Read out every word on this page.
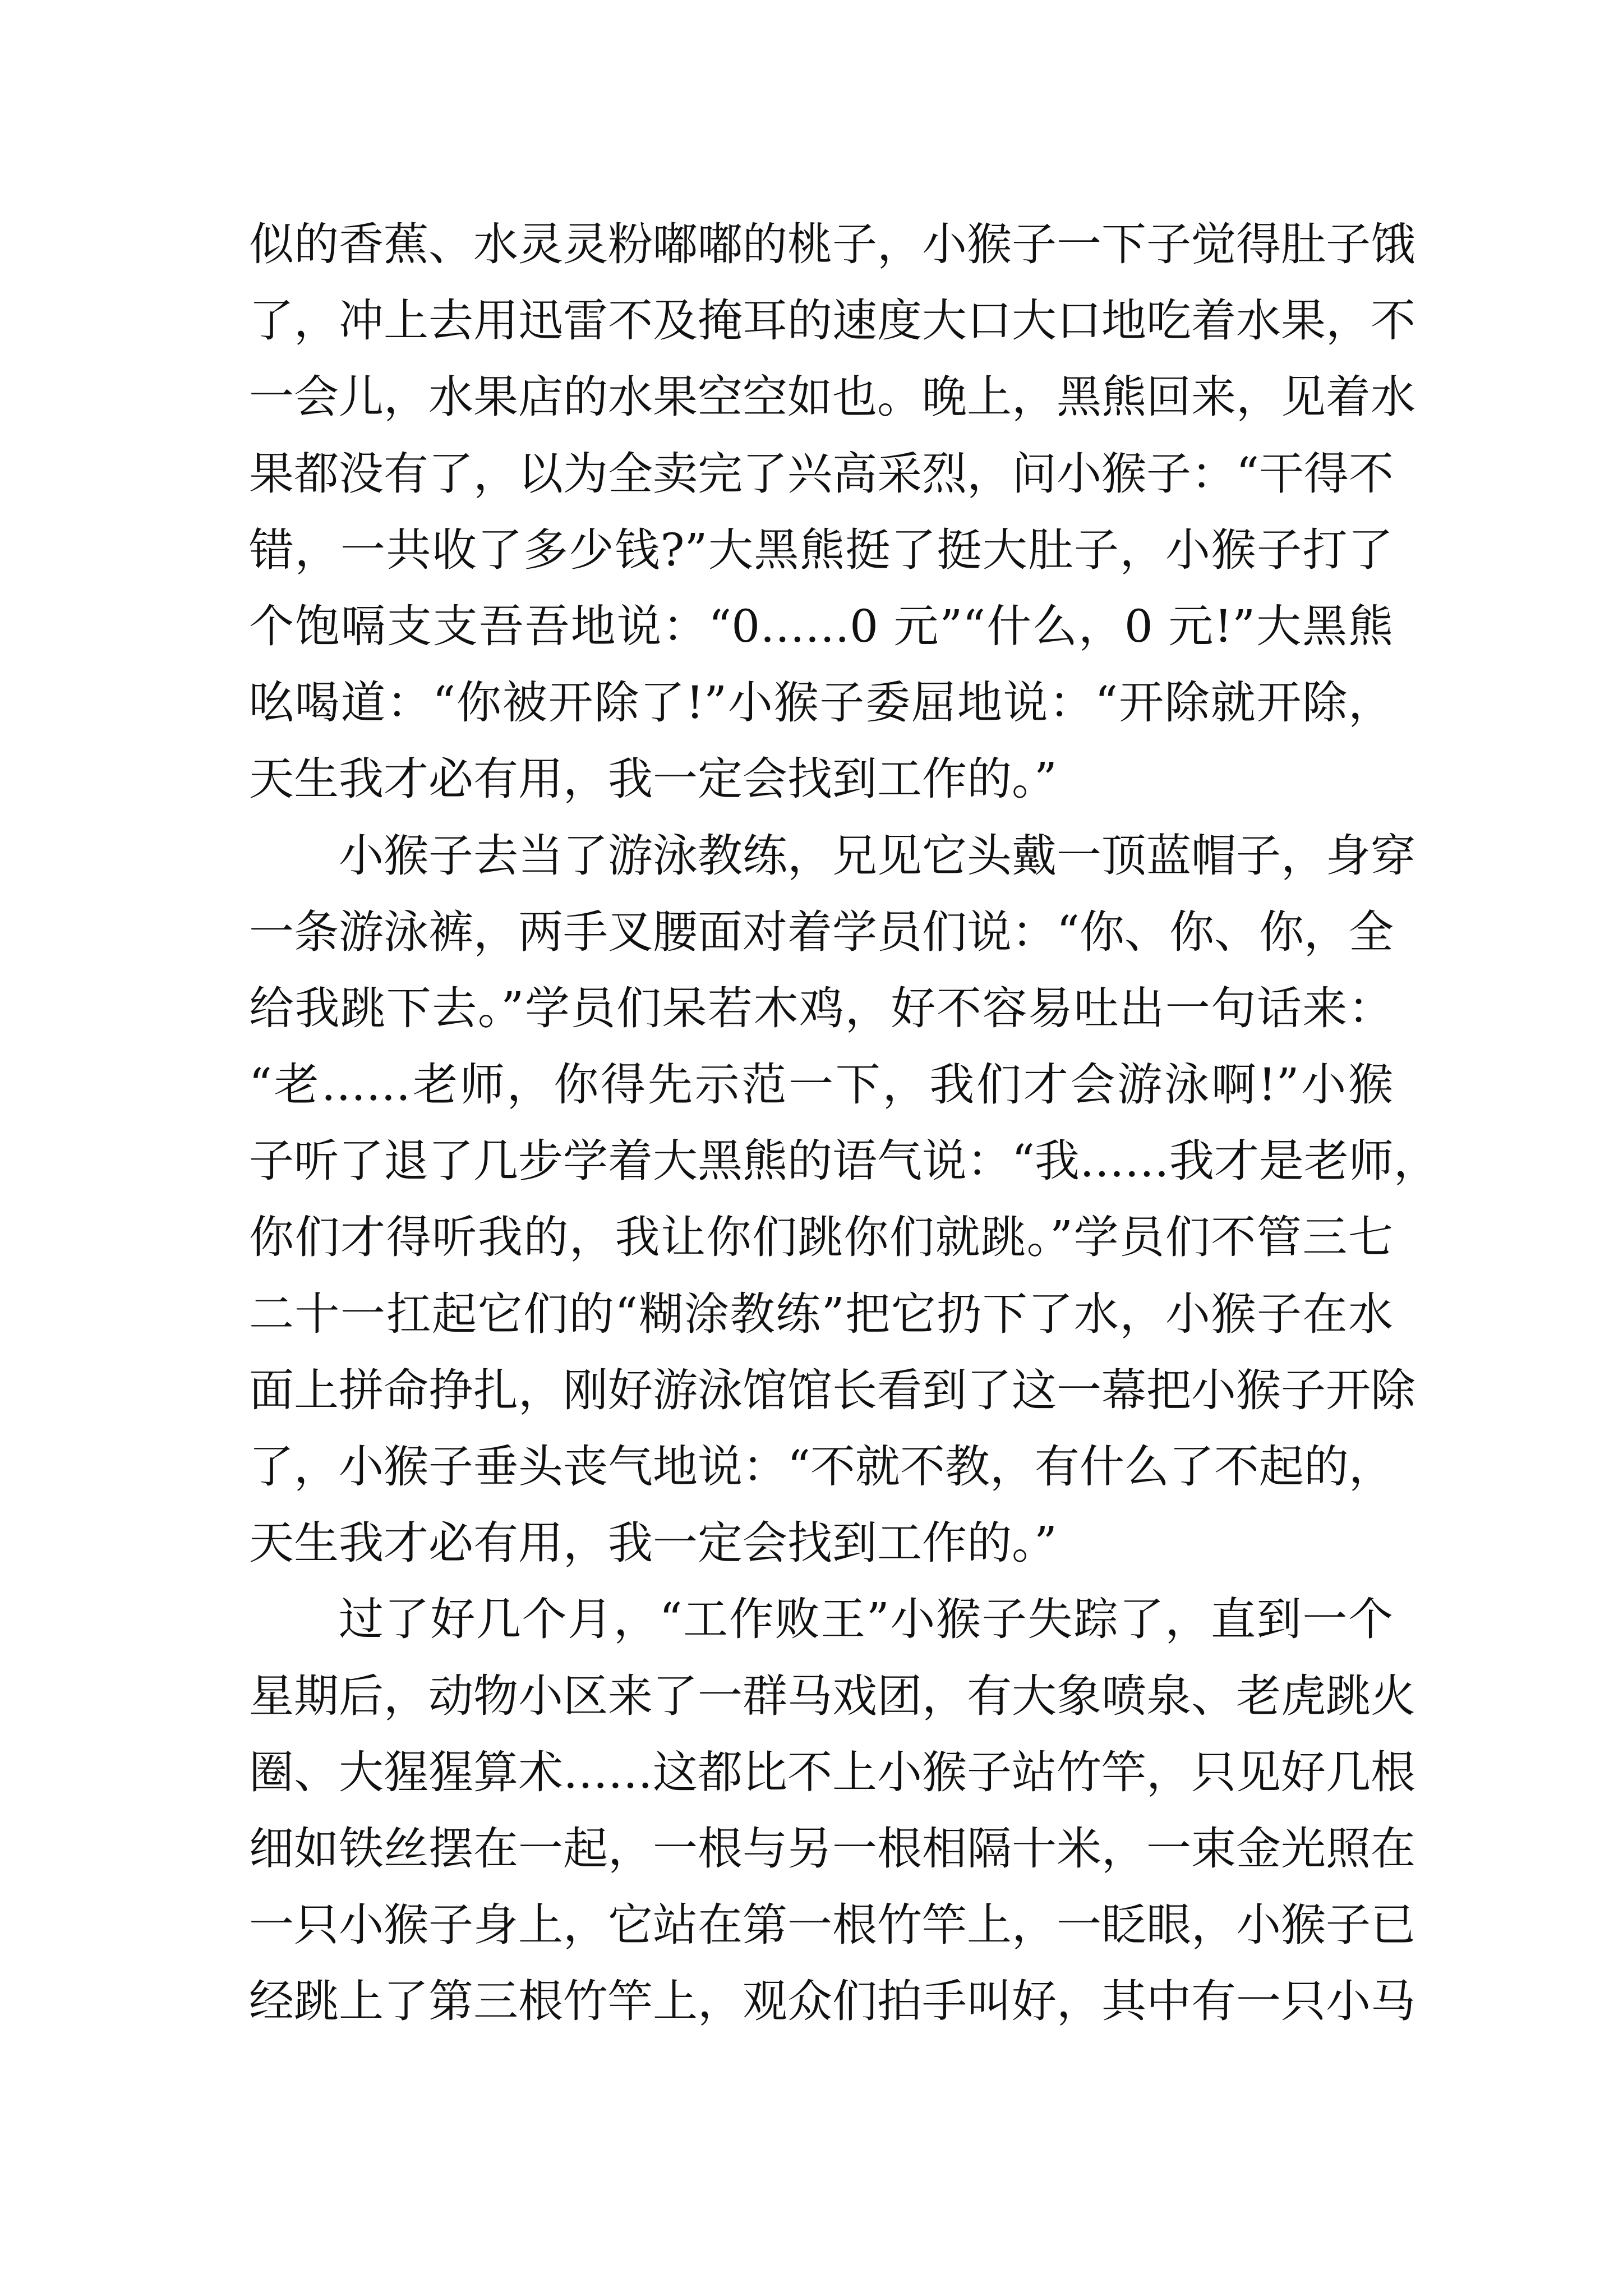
似的香蕉、水灵灵粉嘟嘟的桃子，小猴子一下子觉得肚子饿
了，冲上去用迅雷不及掩耳的速度大口大口地吃着水果，不
一会儿，水果店的水果空空如也。晚上，黑熊回来，见着水
果都没有了，以为全卖完了兴高采烈，问小猴子：“干得不
错，一共收了多少钱?”大黑熊挺了挺大肚子，小猴子打了
个饱嗝支支吾吾地说：“0……0 元”“什么，0 元!”大黑熊
吆喝道：“你被开除了!”小猴子委屈地说：“开除就开除，
天生我才必有用，我一定会找到工作的。”
小猴子去当了游泳教练，兄见它头戴一顶蓝帽子，身穿
一条游泳裤，两手叉腰面对着学员们说：“你、你、你，全
给我跳下去。”学员们呆若木鸡，好不容易吐出一句话来：
“老……老师，你得先示范一下，我们才会游泳啊!”小猴
子听了退了几步学着大黑熊的语气说：“我……我才是老师，
你们才得听我的，我让你们跳你们就跳。”学员们不管三七
二十一扛起它们的“糊涂教练”把它扔下了水，小猴子在水
面上拼命挣扎，刚好游泳馆馆长看到了这一幕把小猴子开除
了，小猴子垂头丧气地说：“不就不教，有什么了不起的，
天生我才必有用，我一定会找到工作的。”
过了好几个月，“工作败王”小猴子失踪了，直到一个
星期后，动物小区来了一群马戏团，有大象喷泉、老虎跳火
圈、大猩猩算术……这都比不上小猴子站竹竿，只见好几根
细如铁丝摆在一起，一根与另一根相隔十米，一束金光照在
一只小猴子身上，它站在第一根竹竿上，一眨眼，小猴子已
经跳上了第三根竹竿上，观众们拍手叫好，其中有一只小马
